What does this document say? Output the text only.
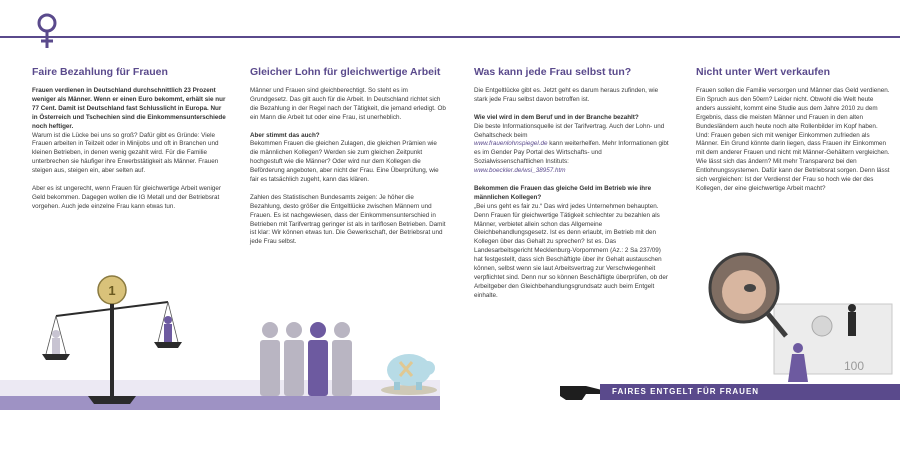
Faire Bezahlung für Frauen

Frauen verdienen in Deutschland durchschnittlich 23 Prozent weniger als Männer. Wenn er einen Euro bekommt, erhält sie nur 77 Cent. Damit ist Deutschland fast Schlusslicht in Europa. Nur in Österreich und Tschechien sind die Einkommensunterschiede noch heftiger.
Warum ist die Lücke bei uns so groß? Dafür gibt es Gründe: Viele Frauen arbeiten in Teilzeit oder in Minijobs und oft in Branchen und kleinen Betrieben, in denen wenig gezahlt wird. Für die Familie unterbrechen sie häufiger ihre Erwerbstätigkeit als Männer. Frauen steigen aus, steigen ein, aber selten auf.

Aber es ist ungerecht, wenn Frauen für gleichwertige Arbeit weniger Geld bekommen. Dagegen wollen die IG Metall und der Betriebsrat vorgehen. Auch jede einzelne Frau kann etwas tun.

Gleicher Lohn für gleichwertige Arbeit

Männer und Frauen sind gleichberechtigt. So steht es im Grundgesetz. Das gilt auch für die Arbeit. In Deutschland richtet sich die Bezahlung in der Regel nach der Tätigkeit, die jemand erledigt. Ob ein Mann die Arbeit tut oder eine Frau, ist unerheblich.

Aber stimmt das auch?
Bekommen Frauen die gleichen Zulagen, die gleichen Prämien wie die männlichen Kollegen? Werden sie zum gleichen Zeitpunkt hochgestuft wie die Männer? Oder wird nur dem Kollegen die Beförderung angeboten, aber nicht der Frau. Eine Überprüfung, wie fair es tatsächlich zugeht, kann das klären.

Zahlen des Statistischen Bundesamts zeigen: Je höher die Bezahlung, desto größer die Entgeltlücke zwischen Männern und Frauen. Es ist nachgewiesen, dass der Einkommensunterschied in Betrieben mit Tarifvertrag geringer ist als in tariflosen Betrieben. Damit ist klar: Wir können etwas tun. Die Gewerkschaft, der Betriebsrat und jede Frau selbst.

Was kann jede Frau selbst tun?

Die Entgeltlücke gibt es. Jetzt geht es darum heraus zufinden, wie stark jede Frau selbst davon betroffen ist.

Wie viel wird in dem Beruf und in der Branche bezahlt?
Die beste Informationsquelle ist der Tarifvertrag. Auch der Lohn- und Gehaltscheck beim
www.frauenlohnspiegel.de kann weiterhelfen. Mehr Informationen gibt es im Gender Pay Portal des Wirtschafts- und Sozialwissenschaftlichen Instituts:
www.boeckler.de/wsi_38957.htm

Bekommen die Frauen das gleiche Geld im Betrieb wie ihre männlichen Kollegen?
„Bei uns geht es fair zu.“ Das wird jedes Unternehmen behaupten. Denn Frauen für gleichwertige Tätigkeit schlechter zu bezahlen als Männer, verbietet allein schon das Allgemeine Gleichbehandlungsgesetz. Ist es denn erlaubt, im Betrieb mit den Kollegen über das Gehalt zu sprechen? Ist es. Das Landesarbeitsgericht Mecklenburg-Vorpommern (Az.: 2 Sa 237/09) hat festgestellt, dass sich Beschäftigte über ihr Gehalt austauschen können, selbst wenn sie laut Arbeitsvertrag zur Verschwiegenheit verpflichtet sind. Denn nur so können Beschäftigte überprüfen, ob der Arbeitgeber den Gleichbehandlungsgrundsatz auch beim Entgelt einhalte.

Nicht unter Wert verkaufen

Frauen sollen die Familie versorgen und Männer das Geld verdienen. Ein Spruch aus den 50ern? Leider nicht. Obwohl die Welt heute anders aussieht, kommt eine Studie aus dem Jahre 2010 zu dem Ergebnis, dass die meisten Männer und Frauen in den alten Bundesländern auch heute noch alte Rollenbilder im Kopf haben. Und: Frauen geben sich mit weniger Einkommen zufrieden als Männer. Ein Grund könnte darin liegen, dass Frauen ihr Einkommen mit dem anderer Frauen und nicht mit Männer-Gehältern vergleichen. Wie lässt sich das ändern? Mit mehr Transparenz bei den Entlohnungssystemen. Dafür kann der Betriebsrat sorgen. Denn lässt sich vergleichen: Ist der Verdienst der Frau so hoch wie der des Kollegen, der eine gleichwertige Arbeit macht?

1
FAIRES ENTGELT FÜR FRAUEN
100
